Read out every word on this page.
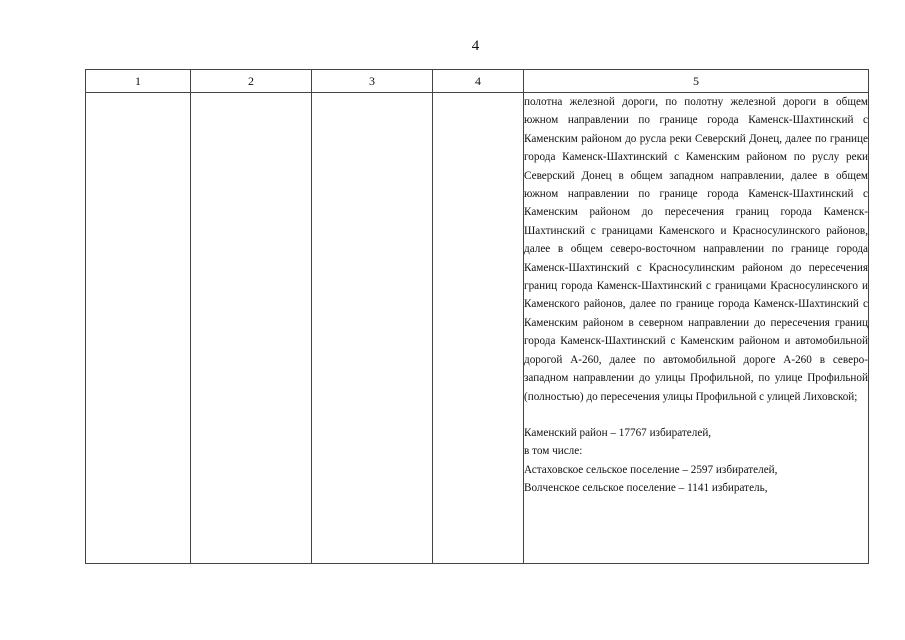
4
1	2	3	4	5

				полотна железной дороги, по полотну железной дороги в общем южном направлении по границе города Каменск-Шахтинский с Каменским районом до русла реки Северский Донец, далее по границе города Каменск-Шахтинский с Каменским районом по руслу реки Северский Донец в общем западном направлении, далее в общем южном направлении по границе города Каменск-Шахтинский с Каменским районом до пересечения границ города Каменск-Шахтинский с границами Каменского и Красносулинского районов, далее в общем северо-восточном направлении по границе города Каменск-Шахтинский с Красносулинским районом до пересечения границ города Каменск-Шахтинский с границами Красносулинского и Каменского районов, далее по границе города Каменск-Шахтинский с Каменским районом в северном направлении до пересечения границ города Каменск-Шахтинский с Каменским районом и автомобильной дорогой А-260, далее по автомобильной дороге А-260 в северо-западном направлении до улицы Профильной, по улице Профильной (полностью) до пересечения улицы Профильной с улицей Лиховской;

Каменский район – 17767 избирателей,

в том числе:

Астаховское сельское поселение – 2597 избирателей,

Волченское сельское поселение – 1141 избиратель,
